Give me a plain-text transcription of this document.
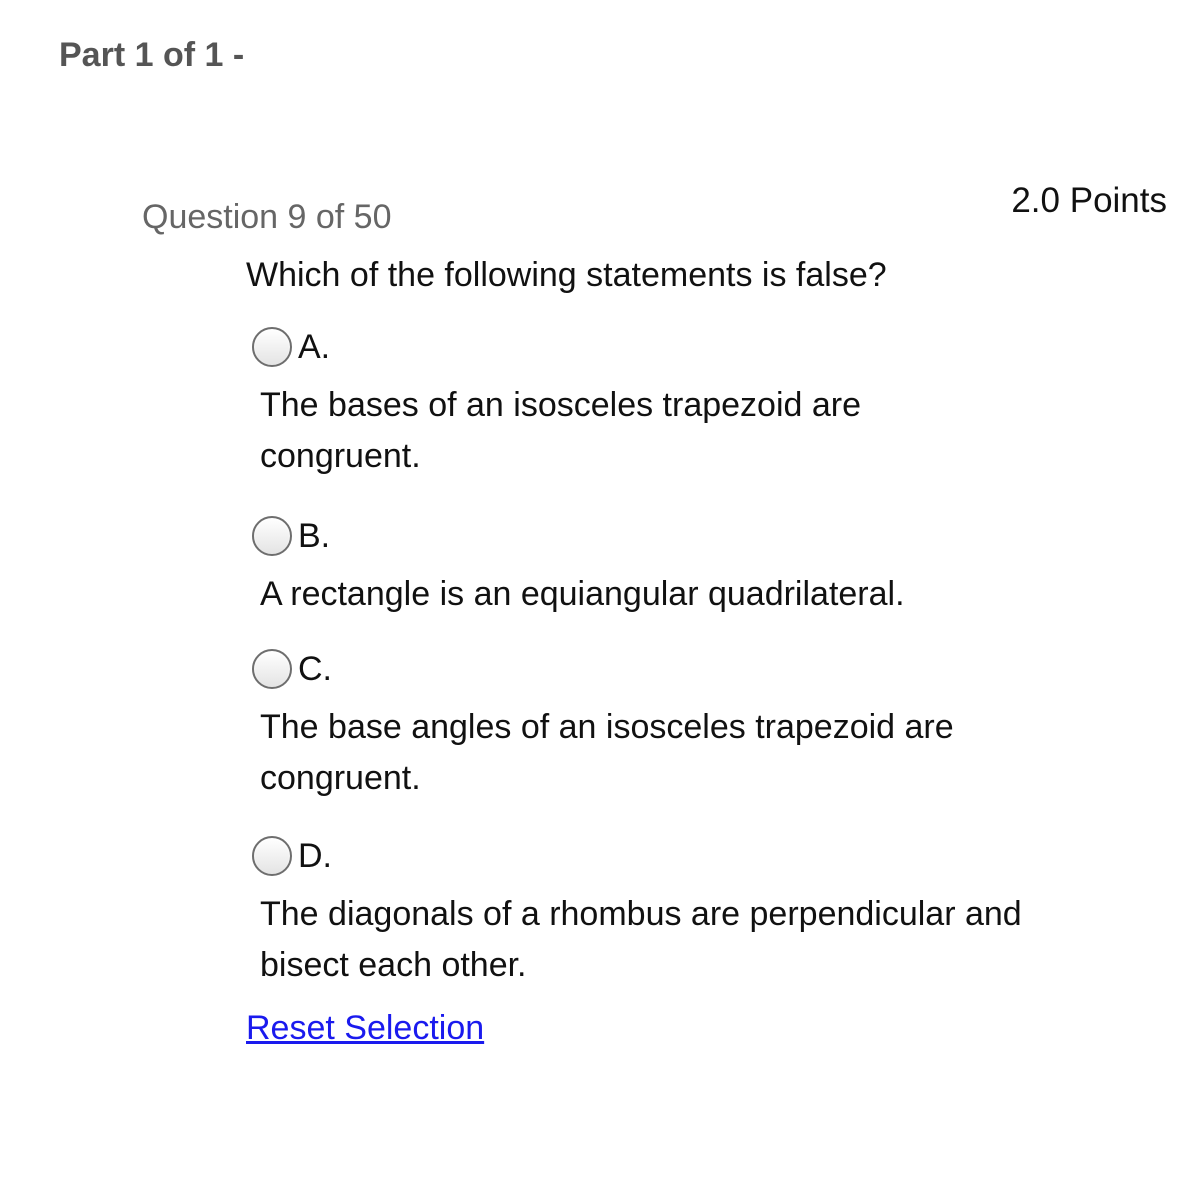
Part 1 of 1 -
Question 9 of 50	2.0 Points
Which of the following statements is false?
A.
The bases of an isosceles trapezoid are congruent.
B.
A rectangle is an equiangular quadrilateral.
C.
The base angles of an isosceles trapezoid are congruent.
D.
The diagonals of a rhombus are perpendicular and bisect each other.
Reset Selection
